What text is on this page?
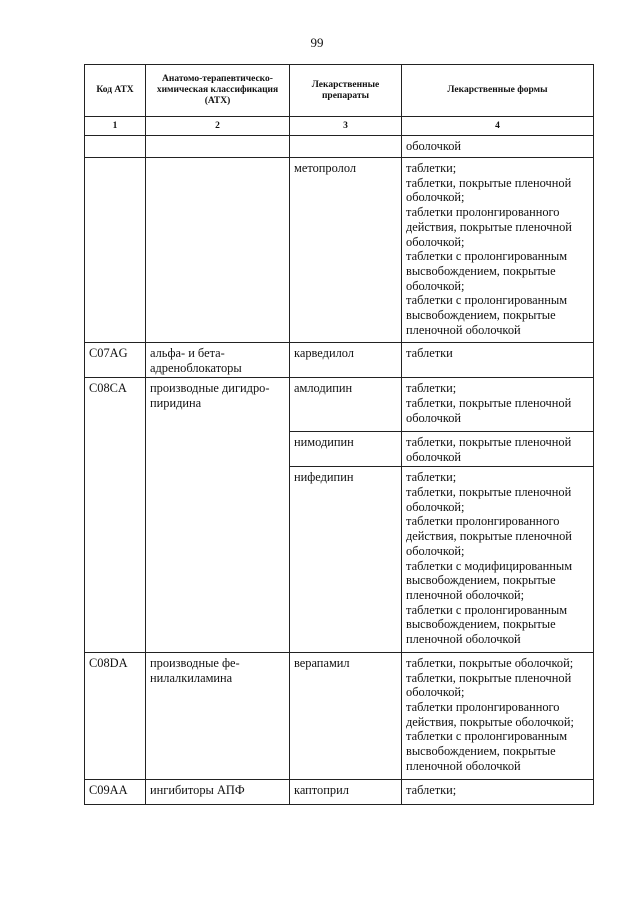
99
Код АТХ	Анатомо-терапевтическо-химическая классификация (АТХ)	Лекарственные препараты	Лекарственные формы
1	2	3	4

			оболочкой

		метопролол	таблетки;
таблетки, покрытые пленочной оболочкой;
таблетки пролонгированного действия, покрытые пленочной оболочкой;
таблетки с пролонгированным высвобождением, покрытые оболочкой;
таблетки с пролонгированным высвобождением, покрытые пленочной оболочкой

C07AG	альфа- и бета-адреноблокаторы	карведилол	таблетки

C08CA	производные дигидро-пиридина	амлодипин	таблетки;
таблетки, покрытые пленочной оболочкой

		нимодипин	таблетки, покрытые пленочной оболочкой

		нифедипин	таблетки;
таблетки, покрытые пленочной оболочкой;
таблетки пролонгированного действия, покрытые пленочной оболочкой;
таблетки с модифицированным высвобождением, покрытые пленочной оболочкой;
таблетки с пролонгированным высвобождением, покрытые пленочной оболочкой

C08DA	производные фе-нилалкиламина	верапамил	таблетки, покрытые оболочкой;
таблетки, покрытые пленочной оболочкой;
таблетки пролонгированного действия, покрытые оболочкой;
таблетки с пролонгированным высвобождением, покрытые пленочной оболочкой

C09AA	ингибиторы АПФ	каптоприл	таблетки;
